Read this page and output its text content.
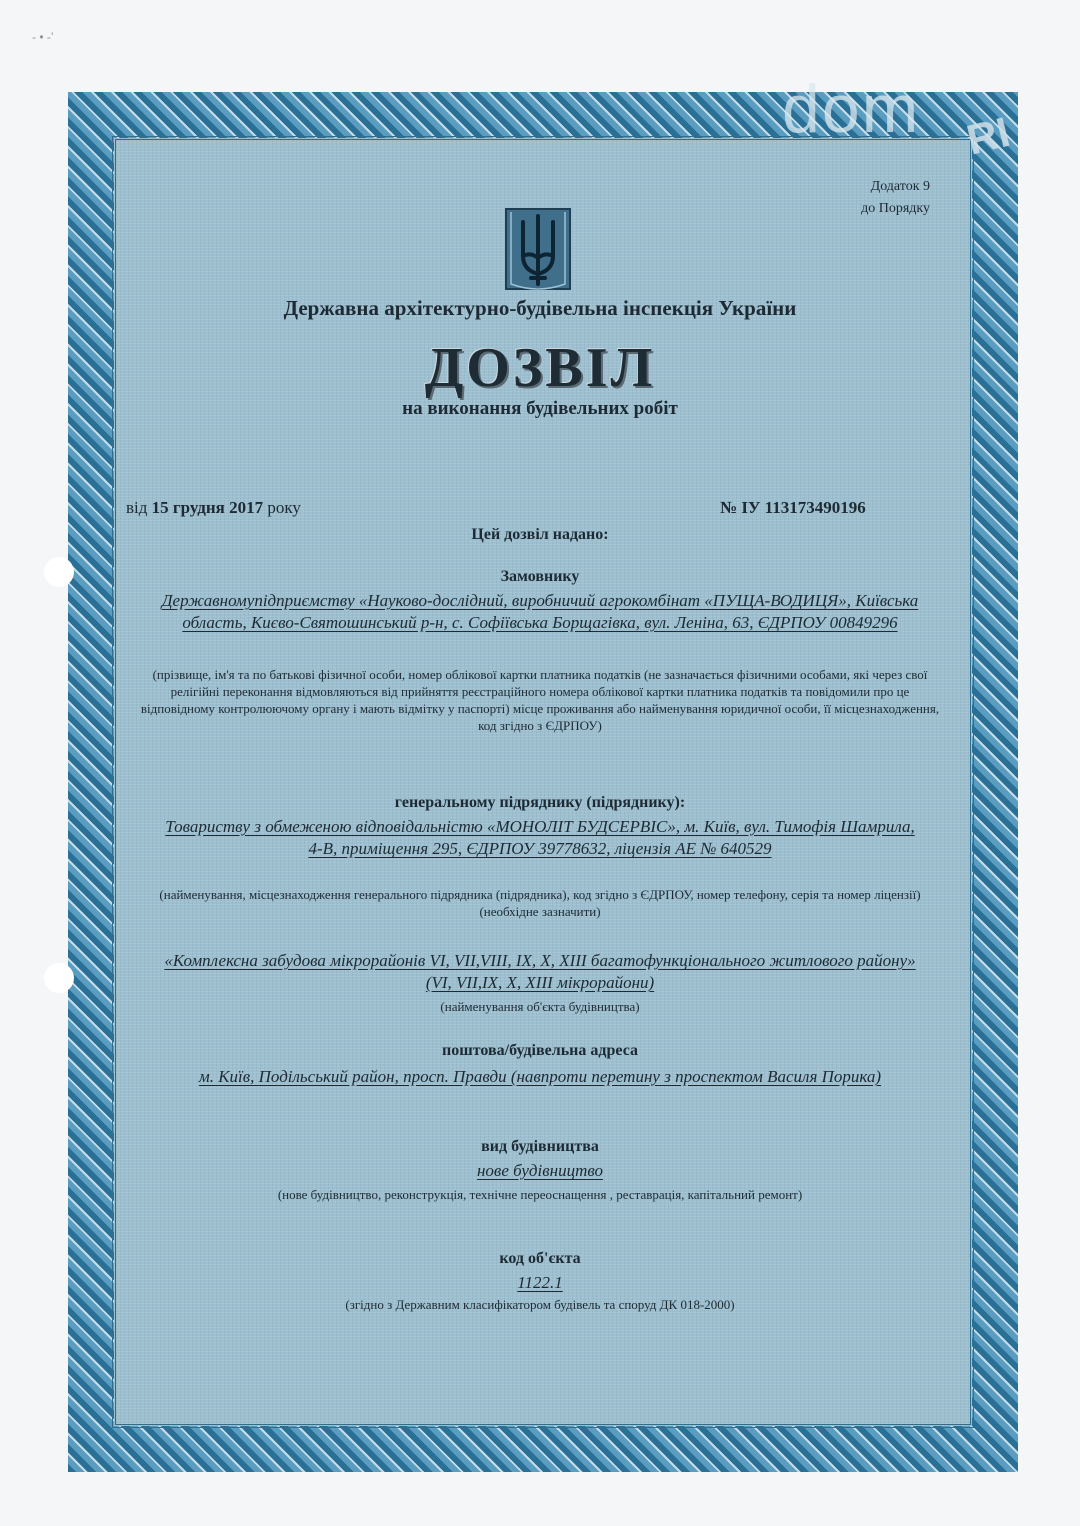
- • -’
dom RI
Додаток 9
до Порядку
Державна архітектурно-будівельна інспекція України
ДОЗВІЛ
на виконання будівельних робіт
від 15 грудня 2017 року	№ ІУ 113173490196
Цей дозвіл надано:
Замовнику
Державномупідприємству «Науково-дослідний, виробничий агрокомбінат «ПУЩА-ВОДИЦЯ», Київська область, Києво-Святошинський р-н, с. Софіївська Борщагівка, вул. Леніна, 63, ЄДРПОУ 00849296
(прізвище, ім'я та по батькові фізичної особи, номер облікової картки платника податків (не зазначається фізичними особами, які через свої релігійні переконання відмовляються від прийняття реєстраційного номера облікової картки платника податків та повідомили про це відповідному контролюючому органу і мають відмітку у паспорті) місце проживання або найменування юридичної особи, її місцезнаходження, код згідно з ЄДРПОУ)
генеральному підряднику (підряднику):
Товариству з обмеженою відповідальністю «МОНОЛІТ БУДСЕРВІС», м. Київ, вул. Тимофія Шамрила, 4-В, приміщення 295, ЄДРПОУ 39778632, ліцензія АЕ № 640529
(найменування, місцезнаходження генерального підрядника (підрядника), код згідно з ЄДРПОУ, номер телефону, серія та номер ліцензії) (необхідне зазначити)
«Комплексна забудова мікрорайонів VI, VII,VIII, IX, X, XIII багатофункціонального житлового району» (VI, VII,IX, X, XIII мікрорайони)
(найменування об'єкта будівництва)
поштова/будівельна адреса
м. Київ, Подільський район, просп. Правди (навпроти перетину з проспектом Василя Порика)
вид будівництва
нове будівництво
(нове будівництво, реконструкція, технічне переоснащення , реставрація, капітальний ремонт)
код об'єкта
1122.1
(згідно з Державним класифікатором будівель та споруд ДК 018-2000)
